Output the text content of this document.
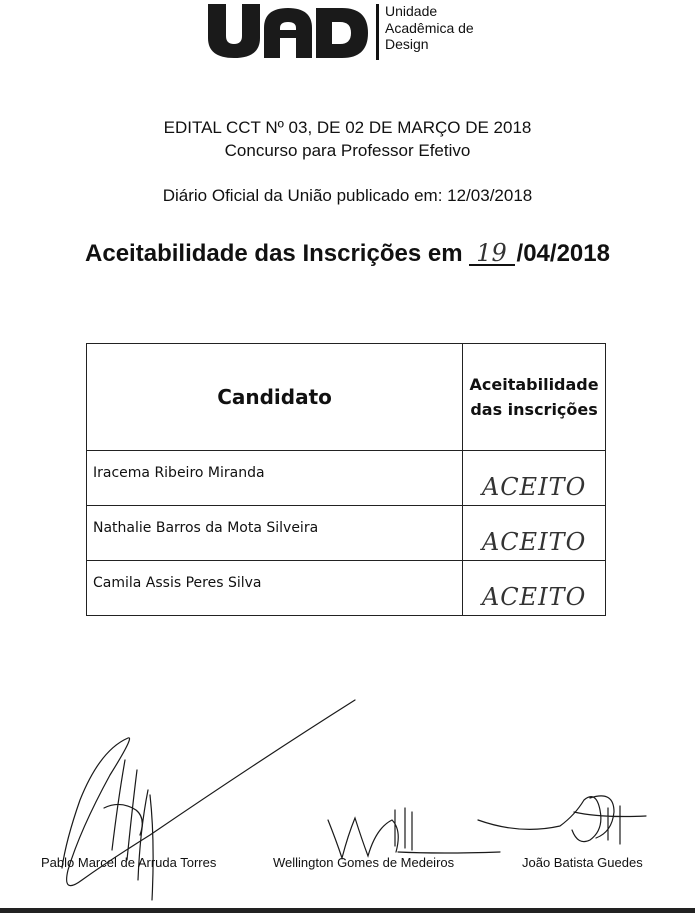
Unidade
Acadêmica de
Design
EDITAL CCT Nº 03, DE 02 DE MARÇO DE 2018
Concurso para Professor Efetivo
Diário Oficial da União publicado em: 12/03/2018
Aceitabilidade das Inscrições em 19 /04/2018
Candidato	Aceitabilidade
das inscrições

Iracema Ribeiro Miranda	ACEITO
Nathalie Barros da Mota Silveira	ACEITO
Camila Assis Peres Silva	ACEITO
Pablo Marcel de Arruda Torres	Wellington Gomes de Medeiros	João Batista Guedes
